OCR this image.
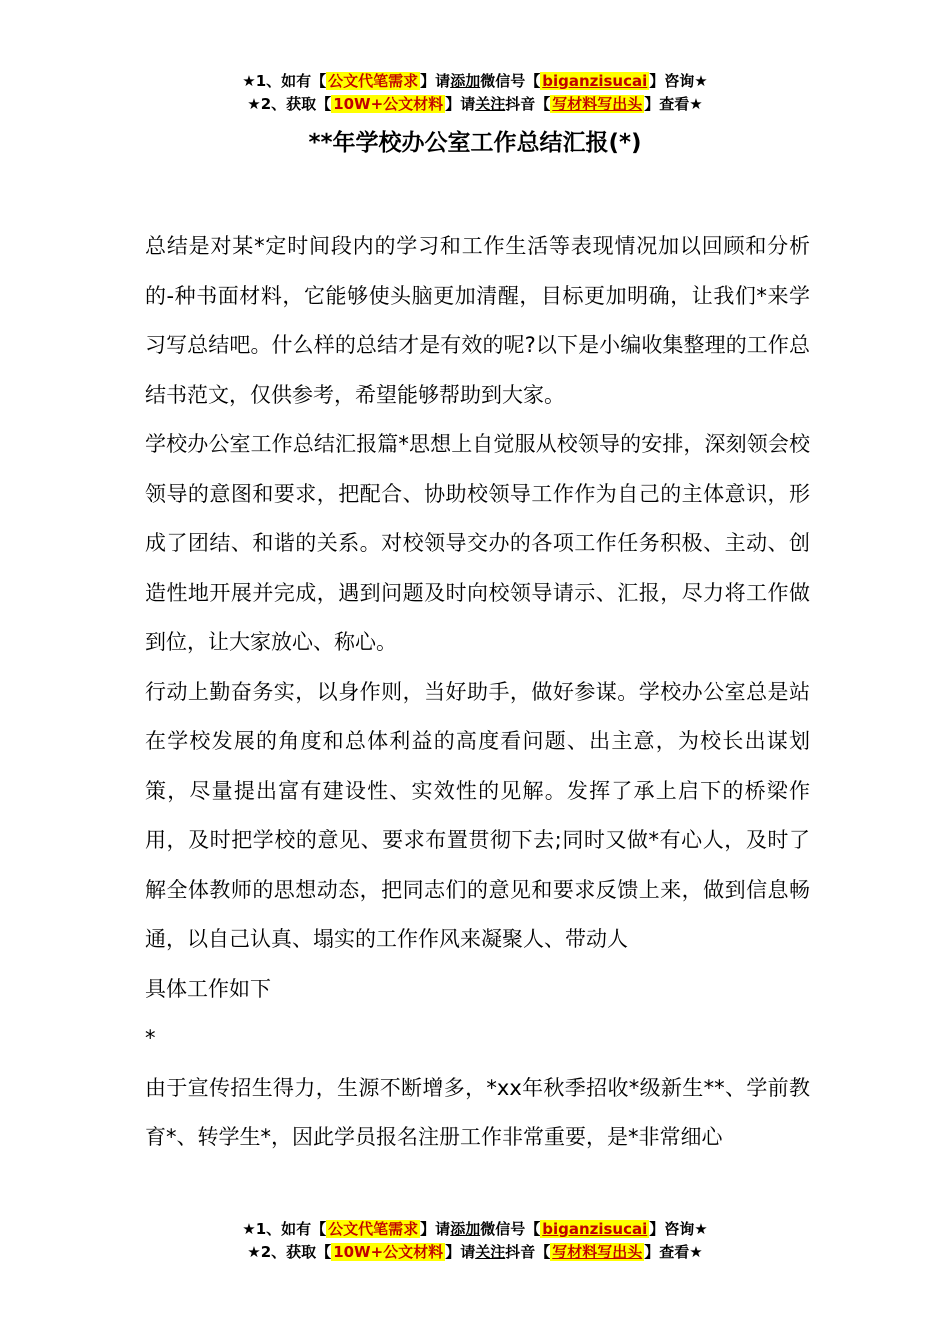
★1、如有【 公文代笔需求 】请添加微信号【 biganzisucai 】咨询★
★2、获取【 10W+公文材料 】请关注抖音【 写材料写出头 】查看★
**年学校办公室工作总结汇报(*)

总结是对某*定时间段内的学习和工作生活等表现情况加以回顾和分析的-种书面材料，它能够使头脑更加清醒，目标更加明确，让我们*来学习写总结吧。什么样的总结才是有效的呢?以下是小编收集整理的工作总结书范文，仅供参考，希望能够帮助到大家。

学校办公室工作总结汇报篇*思想上自觉服从校领导的安排，深刻领会校领导的意图和要求，把配合、协助校领导工作作为自己的主体意识，形成了团结、和谐的关系。对校领导交办的各项工作任务积极、主动、创造性地开展并完成，遇到问题及时向校领导请示、汇报，尽力将工作做到位，让大家放心、称心。

行动上勤奋务实，以身作则，当好助手，做好参谋。学校办公室总是站在学校发展的角度和总体利益的高度看问题、出主意，为校长出谋划策，尽量提出富有建设性、实效性的见解。发挥了承上启下的桥梁作用，及时把学校的意见、要求布置贯彻下去;同时又做*有心人，及时了解全体教师的思想动态，把同志们的意见和要求反馈上来，做到信息畅通，以自己认真、塌实的工作作风来凝聚人、带动人

具体工作如下

*

由于宣传招生得力，生源不断增多，*xx年秋季招收*级新生**、学前教育*、转学生*，因此学员报名注册工作非常重要，是*非常细心

★1、如有【 公文代笔需求 】请添加微信号【 biganzisucai 】咨询★
★2、获取【 10W+公文材料 】请关注抖音【 写材料写出头 】查看★
